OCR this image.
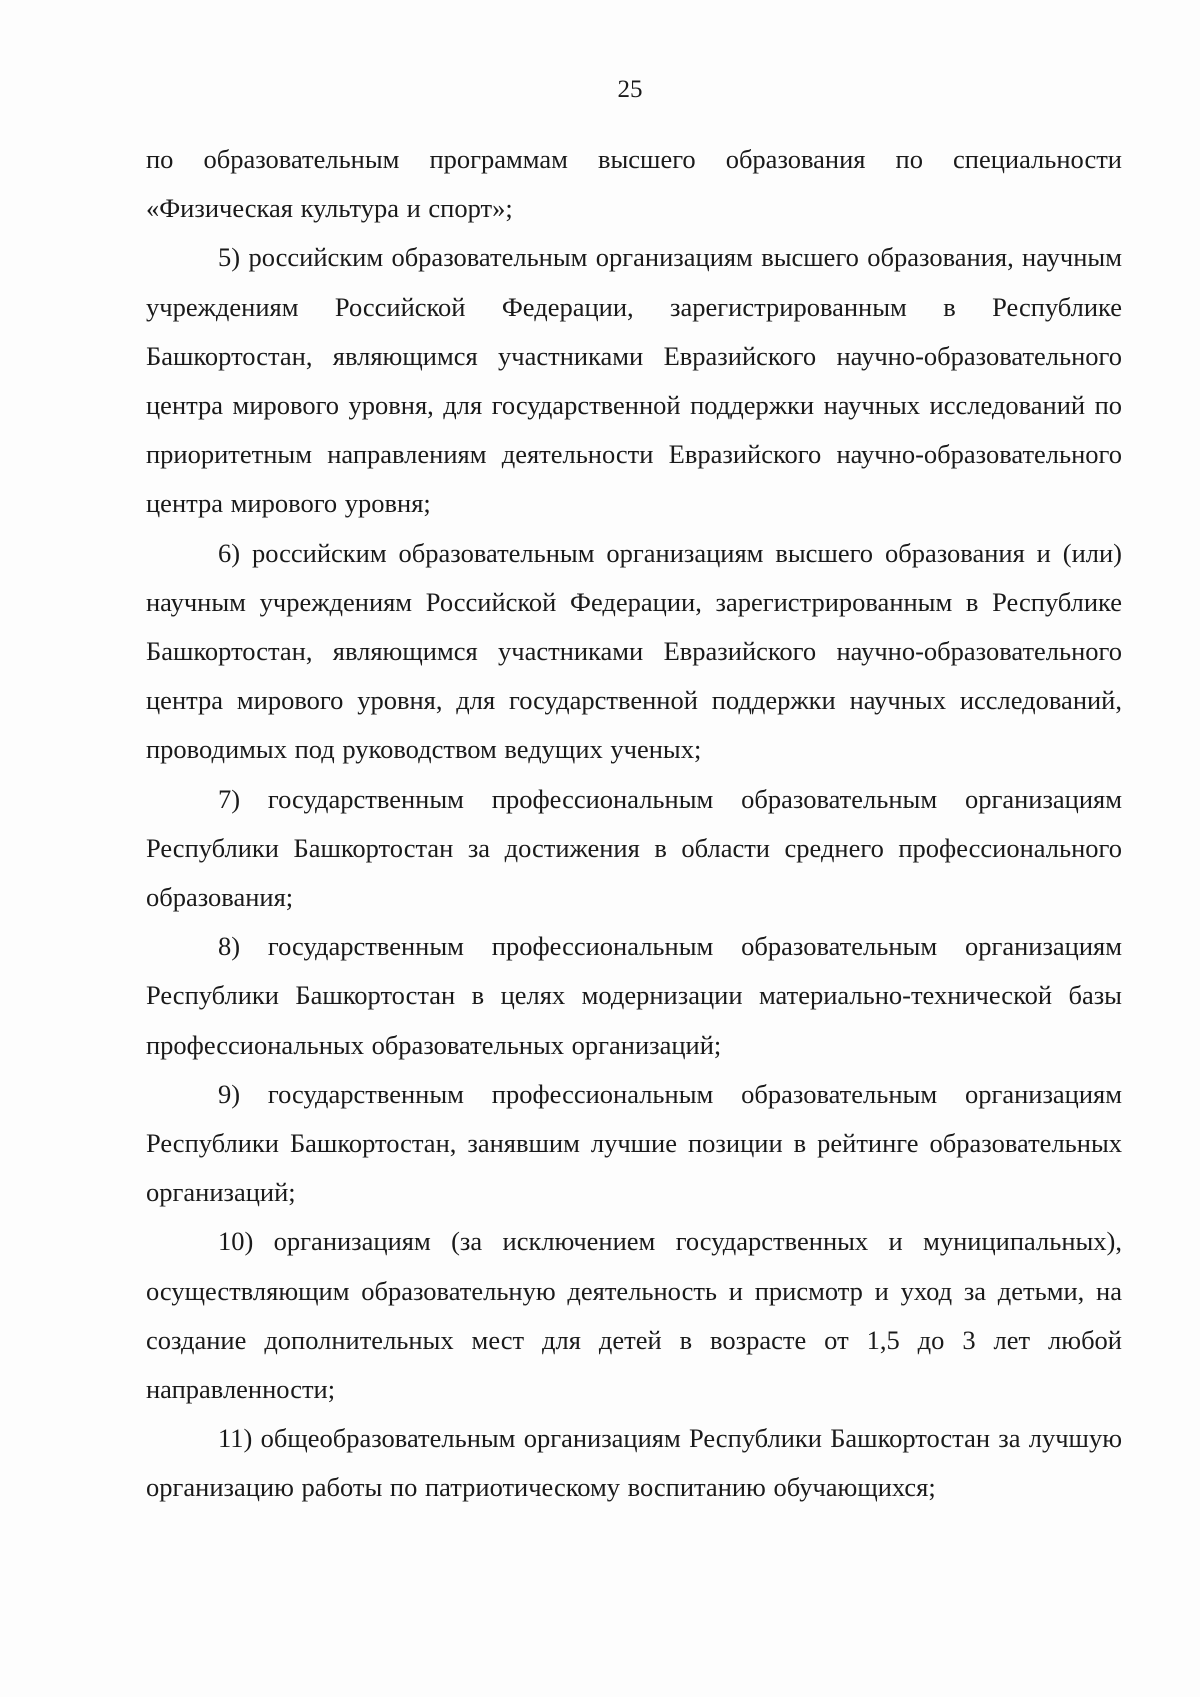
25

по образовательным программам высшего образования по специальности «Физическая культура и спорт»;

5) российским образовательным организациям высшего образования, научным учреждениям Российской Федерации, зарегистрированным в Республике Башкортостан, являющимся участниками Евразийского научно-образовательного центра мирового уровня, для государственной поддержки научных исследований по приоритетным направлениям деятельности Евразийского научно-образовательного центра мирового уровня;

6) российским образовательным организациям высшего образования и (или) научным учреждениям Российской Федерации, зарегистрированным в Республике Башкортостан, являющимся участниками Евразийского научно-образовательного центра мирового уровня, для государственной поддержки научных исследований, проводимых под руководством ведущих ученых;

7) государственным профессиональным образовательным организациям Республики Башкортостан за достижения в области среднего профессионального образования;

8) государственным профессиональным образовательным организациям Республики Башкортостан в целях модернизации материально-технической базы профессиональных образовательных организаций;

9) государственным профессиональным образовательным организациям Республики Башкортостан, занявшим лучшие позиции в рейтинге образовательных организаций;

10) организациям (за исключением государственных и муниципальных), осуществляющим образовательную деятельность и присмотр и уход за детьми, на создание дополнительных мест для детей в возрасте от 1,5 до 3 лет любой направленности;

11) общеобразовательным организациям Республики Башкортостан за лучшую организацию работы по патриотическому воспитанию обучающихся;
